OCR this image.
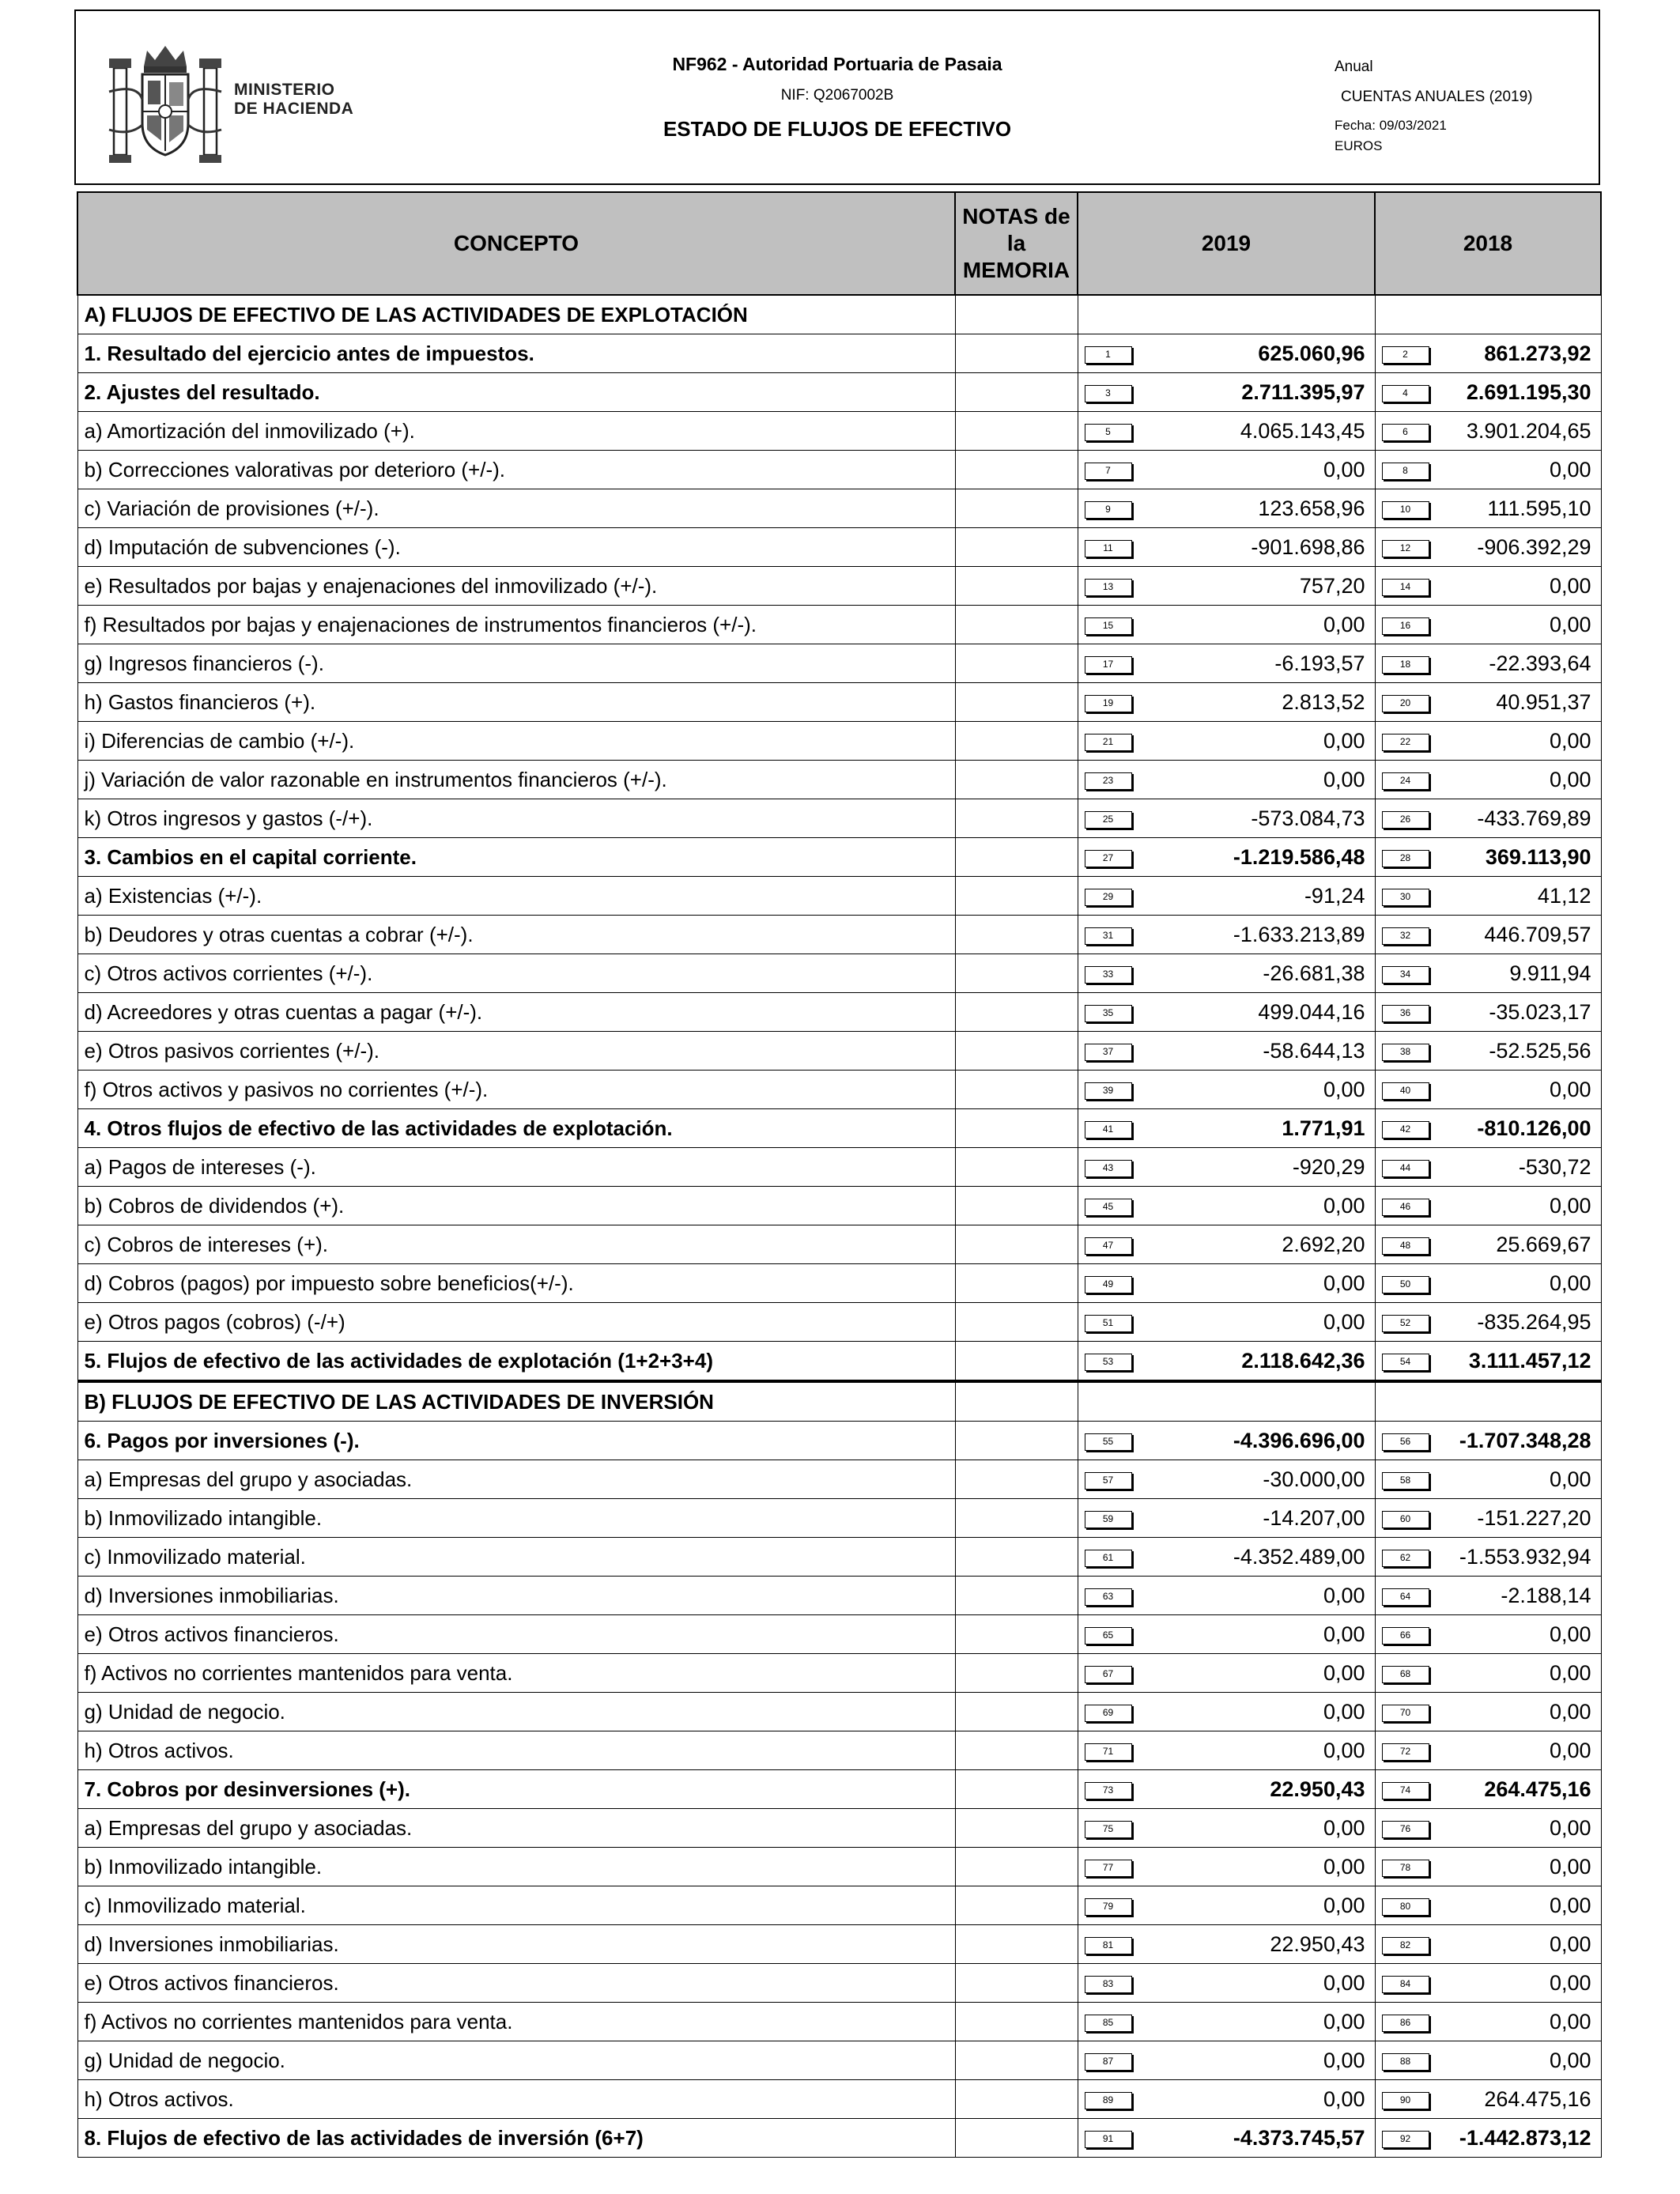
MINISTERIO
DE HACIENDA
NF962 - Autoridad Portuaria de Pasaia
NIF: Q2067002B
ESTADO DE FLUJOS DE EFECTIVO
Anual
CUENTAS ANUALES (2019)
Fecha: 09/03/2021
EUROS
CONCEPTO	NOTAS de la MEMORIA	2019	2018
A) FLUJOS DE EFECTIVO DE LAS ACTIVIDADES DE EXPLOTACIÓN			
1. Resultado del ejercicio antes de impuestos.		1 625.060,96	2 861.273,92

2. Ajustes del resultado.		3 2.711.395,97	4 2.691.195,30

a) Amortización del inmovilizado (+).		5 4.065.143,45	6 3.901.204,65

b) Correcciones valorativas por deterioro (+/-).		7 0,00	8 0,00

c) Variación de provisiones (+/-).		9 123.658,96	10 111.595,10

d) Imputación de subvenciones (-).		11 -901.698,86	12 -906.392,29

e) Resultados por bajas y enajenaciones del inmovilizado (+/-).		13 757,20	14 0,00

f) Resultados por bajas y enajenaciones de instrumentos financieros (+/-).		15 0,00	16 0,00

g) Ingresos financieros (-).		17 -6.193,57	18 -22.393,64

h) Gastos financieros (+).		19 2.813,52	20 40.951,37

i) Diferencias de cambio (+/-).		21 0,00	22 0,00

j) Variación de valor razonable en instrumentos financieros (+/-).		23 0,00	24 0,00

k) Otros ingresos y gastos (-/+).		25 -573.084,73	26 -433.769,89

3. Cambios en el capital corriente.		27 -1.219.586,48	28 369.113,90

a) Existencias (+/-).		29 -91,24	30 41,12

b) Deudores y otras cuentas a cobrar (+/-).		31 -1.633.213,89	32 446.709,57

c) Otros activos corrientes (+/-).		33 -26.681,38	34 9.911,94

d) Acreedores y otras cuentas a pagar (+/-).		35 499.044,16	36 -35.023,17

e) Otros pasivos corrientes (+/-).		37 -58.644,13	38 -52.525,56

f) Otros activos y pasivos no corrientes (+/-).		39 0,00	40 0,00

4. Otros flujos de efectivo de las actividades de explotación.		41 1.771,91	42 -810.126,00

a) Pagos de intereses (-).		43 -920,29	44 -530,72

b) Cobros de dividendos (+).		45 0,00	46 0,00

c) Cobros de intereses (+).		47 2.692,20	48 25.669,67

d) Cobros (pagos) por impuesto sobre beneficios(+/-).		49 0,00	50 0,00

e) Otros pagos (cobros) (-/+)		51 0,00	52 -835.264,95

5. Flujos de efectivo de las actividades de explotación (1+2+3+4)		53 2.118.642,36	54 3.111.457,12

B) FLUJOS DE EFECTIVO DE LAS ACTIVIDADES DE INVERSIÓN			
6. Pagos por inversiones (-).		55 -4.396.696,00	56 -1.707.348,28

a) Empresas del grupo y asociadas.		57 -30.000,00	58 0,00

b) Inmovilizado intangible.		59 -14.207,00	60 -151.227,20

c) Inmovilizado material.		61 -4.352.489,00	62 -1.553.932,94

d) Inversiones inmobiliarias.		63 0,00	64 -2.188,14

e) Otros activos financieros.		65 0,00	66 0,00

f) Activos no corrientes mantenidos para venta.		67 0,00	68 0,00

g) Unidad de negocio.		69 0,00	70 0,00

h) Otros activos.		71 0,00	72 0,00

7. Cobros por desinversiones (+).		73 22.950,43	74 264.475,16

a) Empresas del grupo y asociadas.		75 0,00	76 0,00

b) Inmovilizado intangible.		77 0,00	78 0,00

c) Inmovilizado material.		79 0,00	80 0,00

d) Inversiones inmobiliarias.		81 22.950,43	82 0,00

e) Otros activos financieros.		83 0,00	84 0,00

f) Activos no corrientes mantenidos para venta.		85 0,00	86 0,00

g) Unidad de negocio.		87 0,00	88 0,00

h) Otros activos.		89 0,00	90 264.475,16

8. Flujos de efectivo de las actividades de inversión (6+7)		91 -4.373.745,57	92 -1.442.873,12
